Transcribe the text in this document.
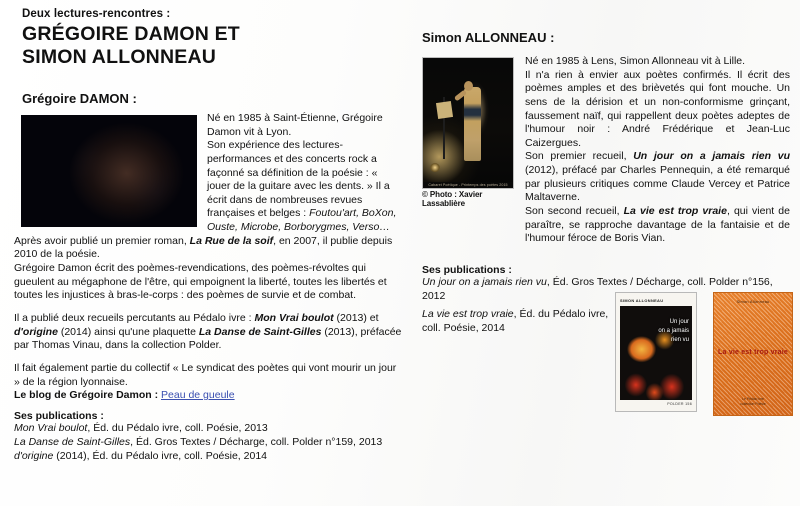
Deux lectures-rencontres :
GRÉGOIRE DAMON ET
SIMON ALLONNEAU
Grégoire DAMON :

Né en 1985 à Saint-Étienne, Grégoire Damon vit à Lyon.
Son expérience des lectures-performances et des concerts rock a façonné sa définition de la poésie : « jouer de la guitare avec les dents. » Il a écrit dans de nombreuses revues françaises et belges : Foutou'art, BoXon, Ouste, Microbe, Borborygmes, Verso…

Après avoir publié un premier roman, La Rue de la soif, en 2007, il publie depuis 2010 de la poésie.

Grégoire Damon écrit des poèmes-revendications, des poèmes-révoltes qui gueulent au mégaphone de l'être, qui empoignent la liberté, toutes les libertés et toutes les injustices à bras-le-corps : des poèmes de survie et de combat.

Il a publié deux recueils percutants au Pédalo ivre : Mon Vrai boulot (2013) et d'origine (2014) ainsi qu'une plaquette La Danse de Saint-Gilles (2013), préfacée par Thomas Vinau, dans la collection Polder.

Il fait également partie du collectif « Le syndicat des poètes qui vont mourir un jour » de la région lyonnaise.

Le blog de Grégoire Damon : Peau de gueule

Ses publications :

Mon Vrai boulot, Éd. du Pédalo ivre, coll. Poésie, 2013

La Danse de Saint-Gilles, Éd. Gros Textes / Décharge, coll. Polder n°159, 2013

d'origine (2014), Éd. du Pédalo ivre, coll. Poésie, 2014

Simon ALLONNEAU :
Cabaret Poétique - Printemps des poètes 2015
© Photo : Xavier Lassablière

Né en 1985 à Lens, Simon Allonneau vit à Lille.

Il n'a rien à envier aux poètes confirmés. Il écrit des poèmes amples et des brièvetés qui font mouche. Un sens de la dérision et un non-conformisme grinçant, faussement naïf, qui rappellent deux poètes adeptes de l'humour noir : André Frédérique et Jean-Luc Caizergues.

Son premier recueil, Un jour on a jamais rien vu (2012), préfacé par Charles Pennequin, a été remarqué par plusieurs critiques comme Claude Vercey et Patrice Maltaverne.

Son second recueil, La vie est trop vraie, qui vient de paraître, se rapproche davantage de la fantaisie et de l'humour féroce de Boris Vian.

Ses publications :

Un jour on a jamais rien vu, Éd. Gros Textes / Décharge, coll. Polder n°156, 2012

La vie est trop vraie, Éd. du Pédalo ivre, coll. Poésie, 2014

SIMON ALLONNEAU
Un jour
on a jamais
rien vu
POLDER 156
Simon Allonneau
La vie est trop vraie
Le Pédalo ivre
collection Poésie
